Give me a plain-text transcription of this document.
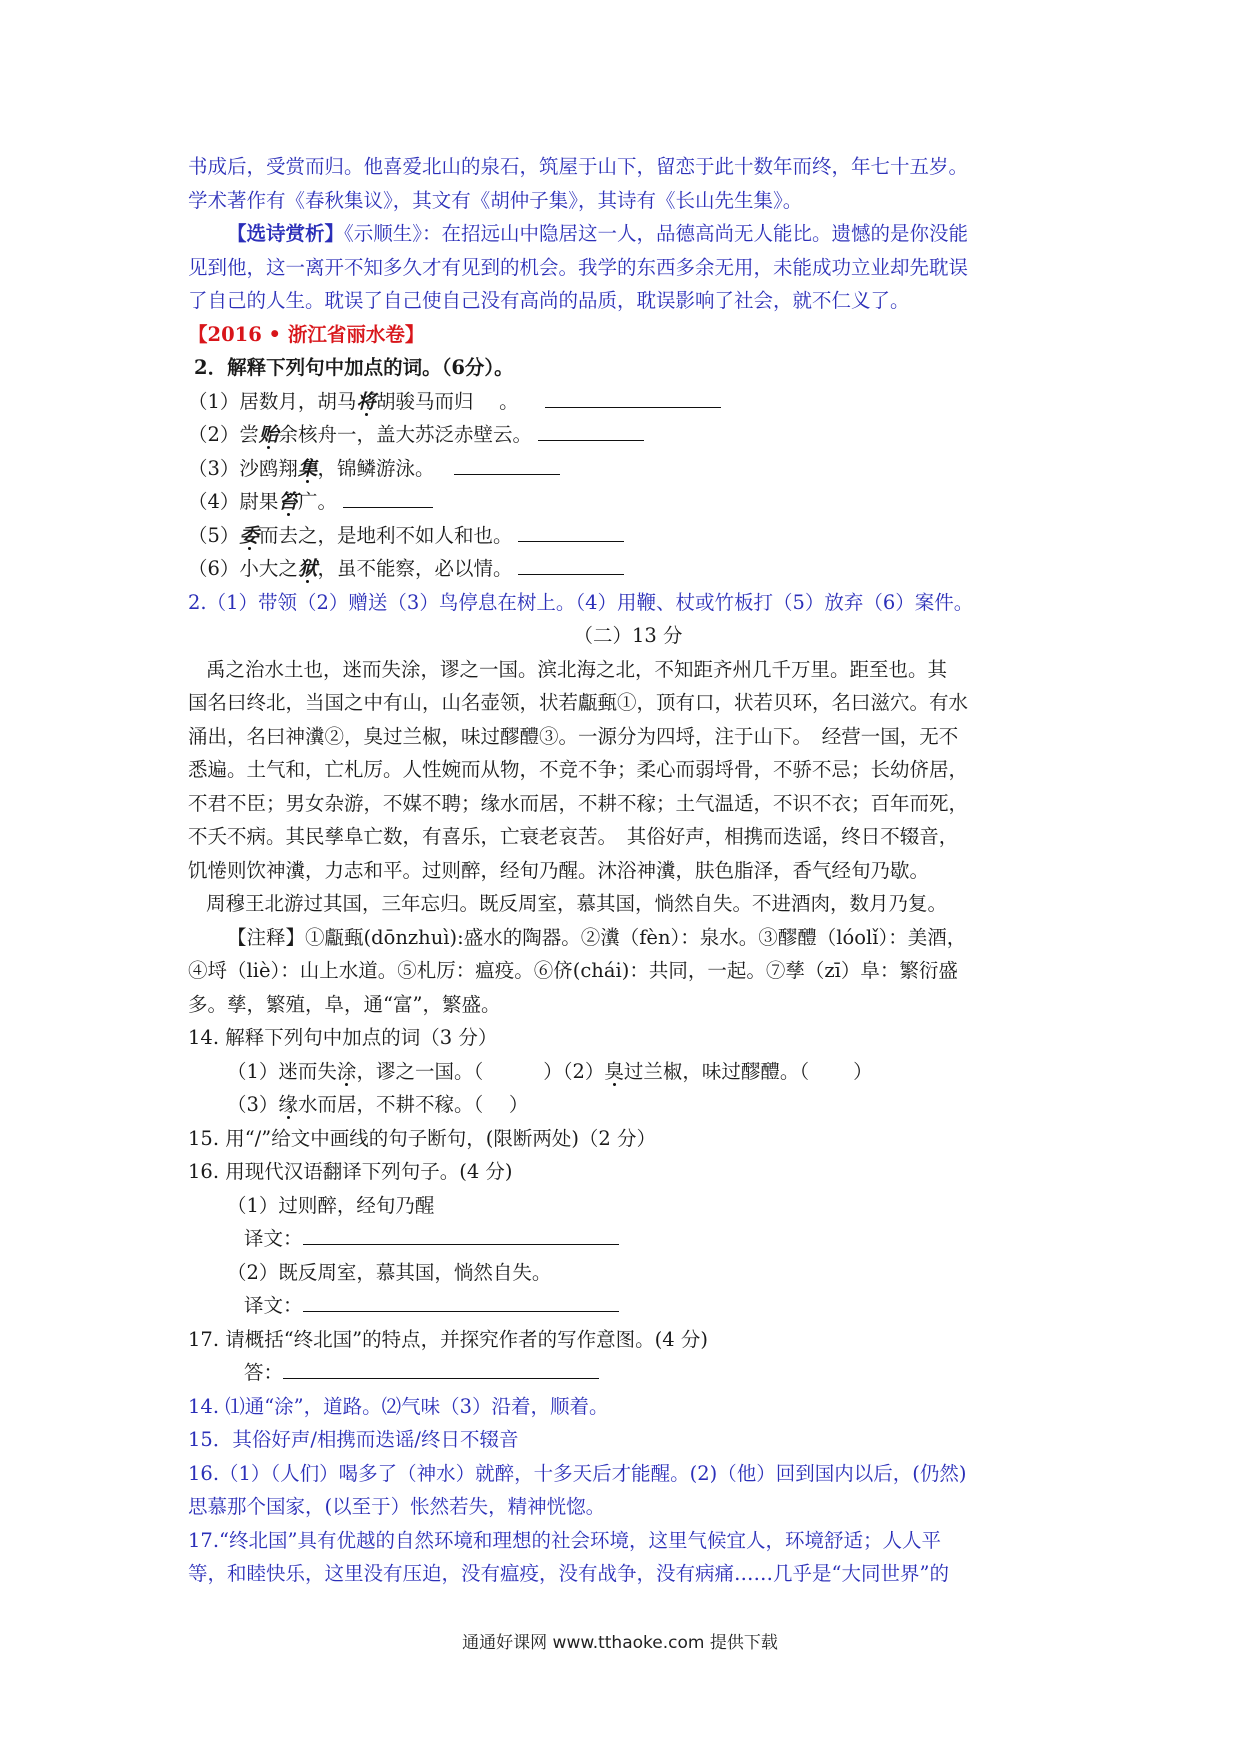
书成后，受赏而归。他喜爱北山的泉石，筑屋于山下，留恋于此十数年而终，年七十五岁。
学术著作有《春秋集议》，其文有《胡仲子集》，其诗有《长山先生集》。
【选诗赏析】《示顺生》：在招远山中隐居这一人，品德高尚无人能比。遗憾的是你没能
见到他，这一离开不知多久才有见到的机会。我学的东西多余无用，未能成功立业却先耽误
了自己的人生。耽误了自己使自己没有高尚的品质，耽误影响了社会，就不仁义了。
【2016 • 浙江省丽水卷】
2．解释下列句中加点的词。（6分）。
（1）居数月，胡马将胡骏马而归　 。
（2）尝贻余核舟一，盖大苏泛赤壁云。
（3）沙鸥翔集，锦鳞游泳。
（4）尉果笞广。
（5）委而去之，是地利不如人和也。
（6）小大之狱，虽不能察，必以情。
2.（1）带领（2）赠送（3）鸟停息在树上。（4）用鞭、杖或竹板打（5）放弃（6）案件。
（二）13 分
禹之治水土也，迷而失涂，谬之一国。滨北海之北，不知距齐州几千万里。距至也。其
国名曰终北，当国之中有山，山名壶领，状若甗甀①，顶有口，状若贝环，名曰滋穴。有水
涌出，名曰神瀵②，臭过兰椒，味过醪醴③。一源分为四埒，注于山下。　经营一国，无不
悉遍。土气和，亡札厉。人性婉而从物，不竞不争；柔心而弱埒骨，不骄不忌；长幼侪居，
不君不臣；男女杂游，不媒不聘；缘水而居，不耕不稼；土气温适，不识不衣；百年而死，
不夭不病。其民孳阜亡数，有喜乐，亡衰老哀苦。　其俗好声，相携而迭谣，终日不辍音，
饥惓则饮神瀵，力志和平。过则醉，经旬乃醒。沐浴神瀵，肤色脂泽，香气经旬乃歇。
周穆王北游过其国，三年忘归。既反周室，慕其国，惝然自失。不进酒肉，数月乃复。
【注释】①甗甀(dōnzhuì):盛水的陶器。②瀵（fèn）：泉水。③醪醴（lóolǐ）：美酒，
④埒（liè）：山上水道。⑤札厉：瘟疫。⑥侪(chái)：共同，一起。⑦孳（zī）阜：繁衍盛
多。孳，繁殖，阜，通“富”，繁盛。
14. 解释下列句中加点的词（3 分）
（1）迷而失涂，谬之一国。（	）（2）臭过兰椒，味过醪醴。（ ）
（3）缘水而居，不耕不稼。（　 ）
15. 用“/”给文中画线的句子断句，(限断两处)（2 分）
16. 用现代汉语翻译下列句子。(4 分)
（1）过则醉，经旬乃醒
译文：
（2）既反周室，慕其国，惝然自失。
译文：
17. 请概括“终北国”的特点，并探究作者的写作意图。(4 分)
答：
14. ⑴通“涂”，道路。⑵气味（3）沿着，顺着。
15．其俗好声/相携而迭谣/终日不辍音
16.（1）（人们）喝多了（神水）就醉，十多天后才能醒。(2)（他）回到国内以后，(仍然)
思慕那个国家，(以至于）怅然若失，精神恍惚。
17.“终北国”具有优越的自然环境和理想的社会环境，这里气候宜人，环境舒适；人人平
等，和睦快乐，这里没有压迫，没有瘟疫，没有战争，没有病痛……几乎是“大同世界”的
通通好课网 www.tthaoke.com 提供下载
